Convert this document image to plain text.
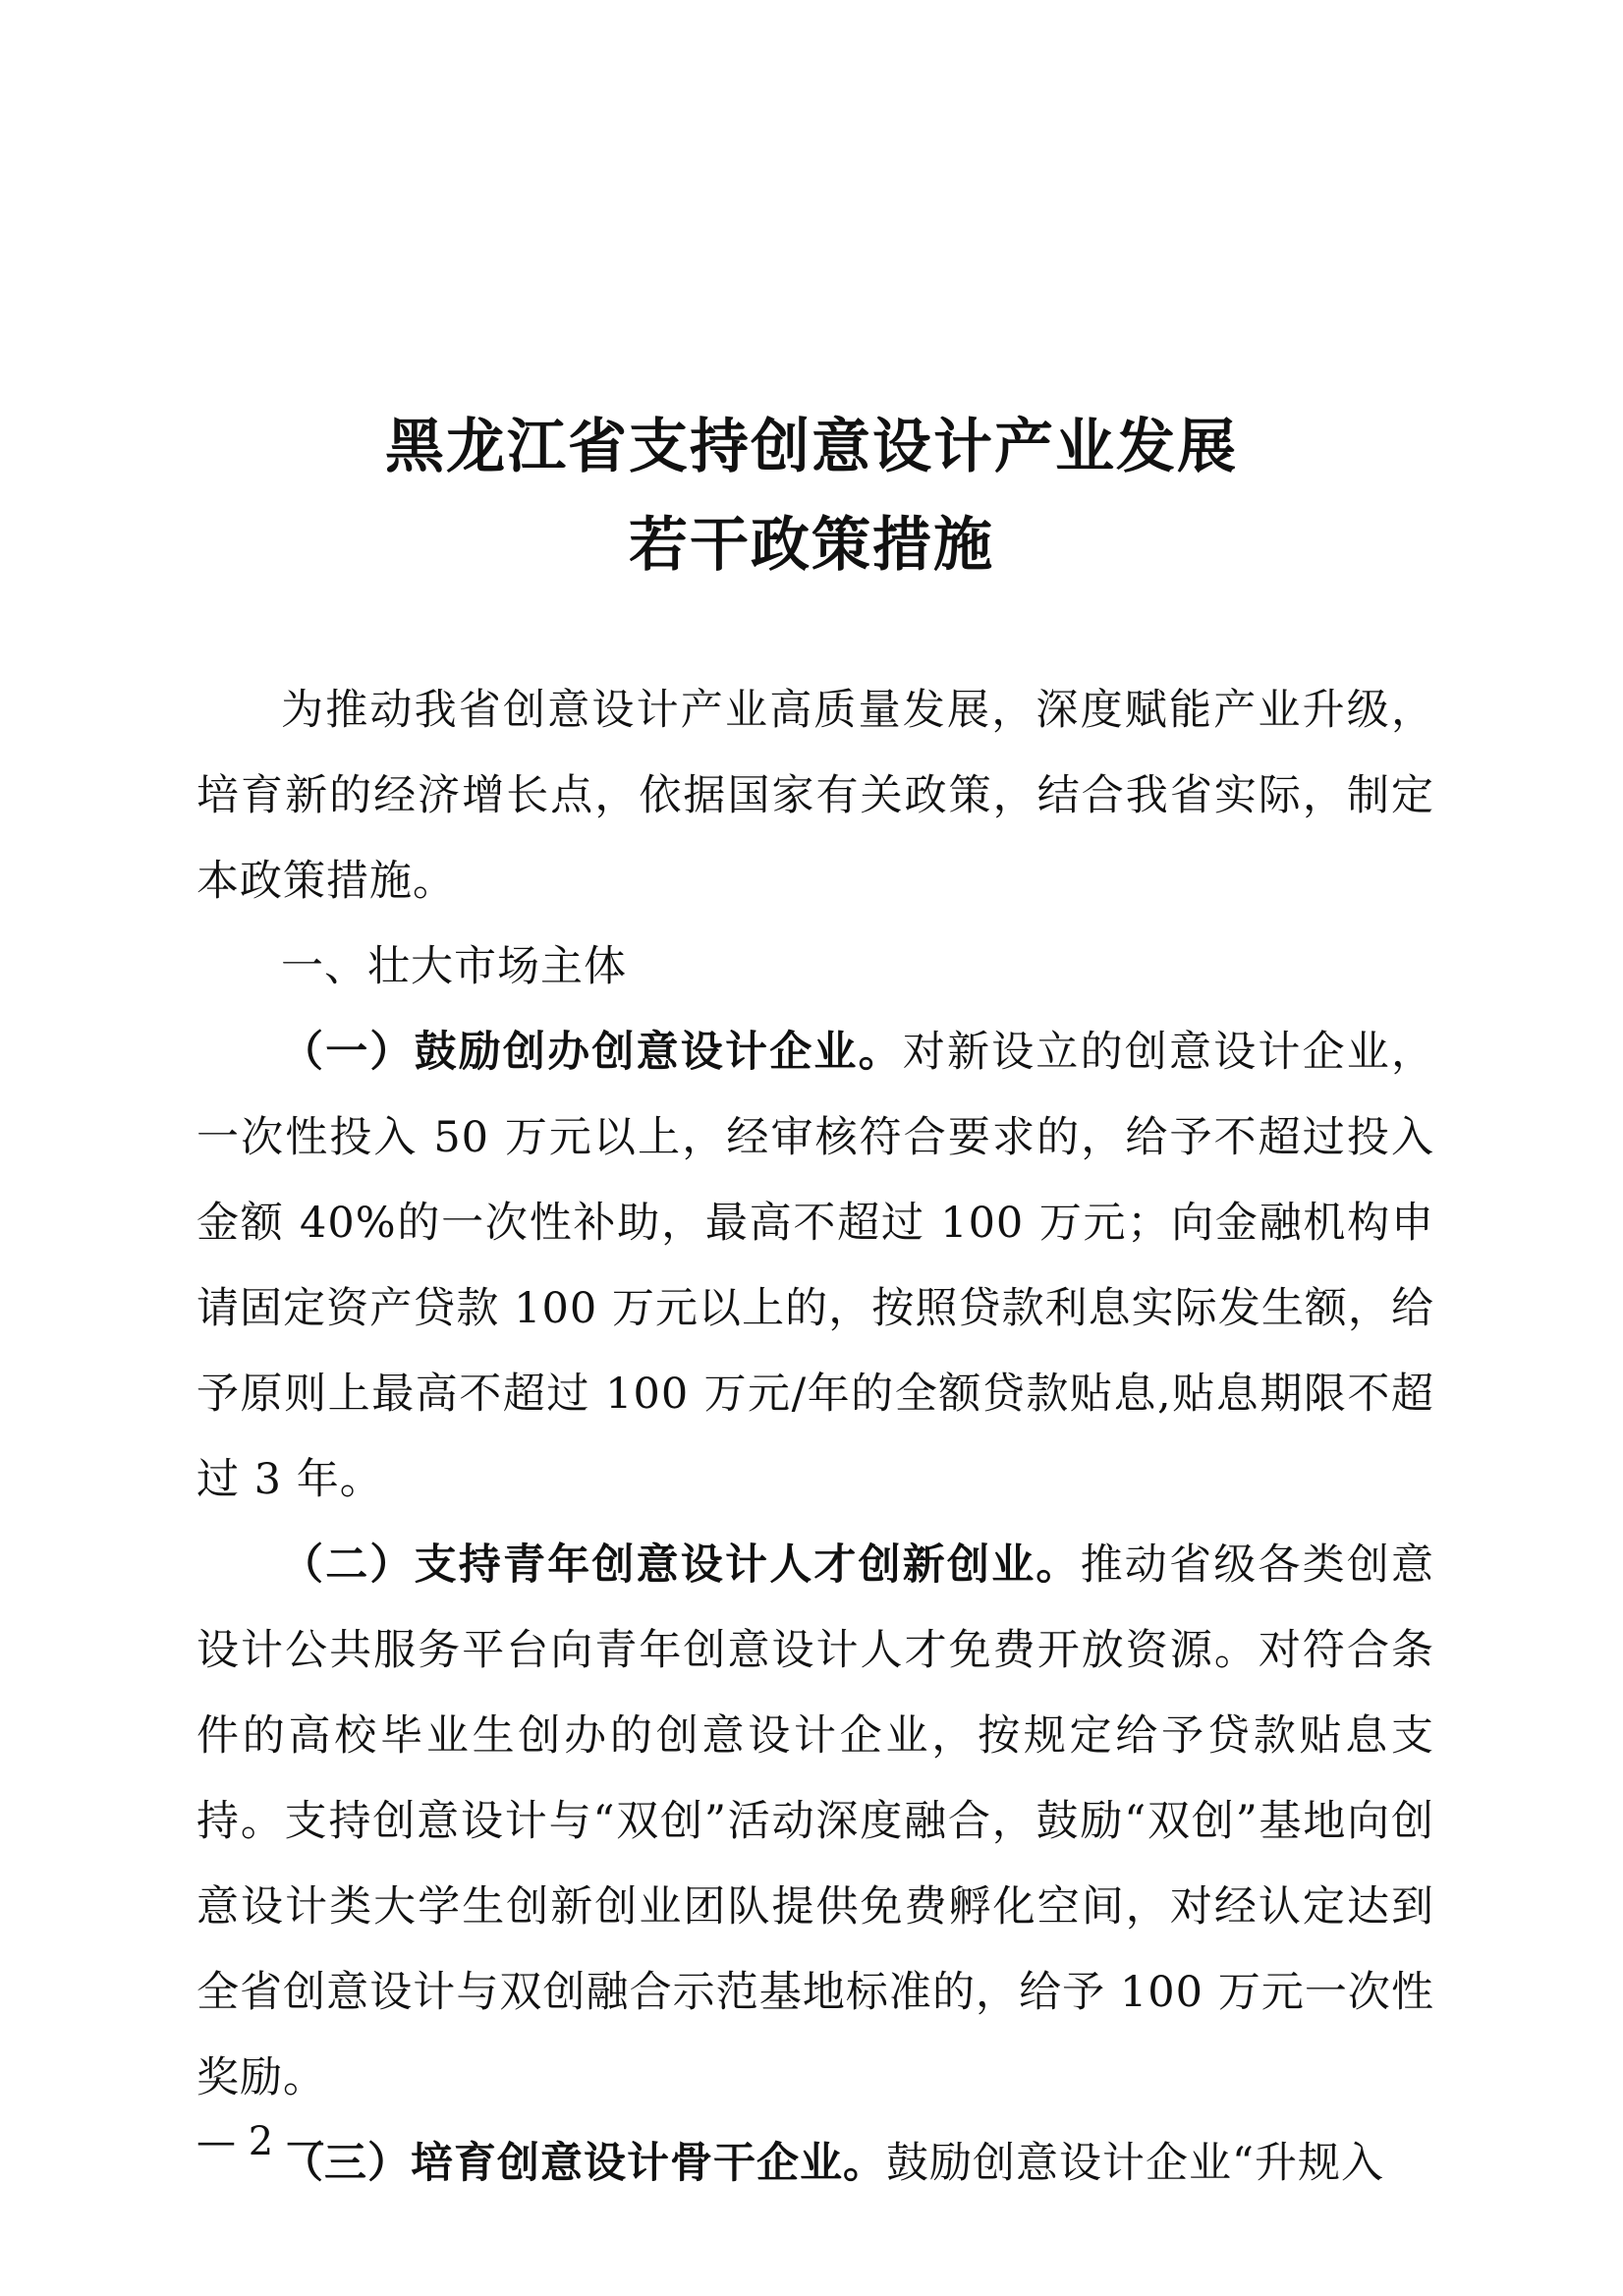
黑龙江省支持创意设计产业发展
若干政策措施

为推动我省创意设计产业高质量发展，深度赋能产业升级，培育新的经济增长点，依据国家有关政策，结合我省实际，制定本政策措施。

一、壮大市场主体

（一）鼓励创办创意设计企业。对新设立的创意设计企业，一次性投入 50 万元以上，经审核符合要求的，给予不超过投入金额 40%的一次性补助，最高不超过 100 万元；向金融机构申请固定资产贷款 100 万元以上的，按照贷款利息实际发生额，给予原则上最高不超过 100 万元/年的全额贷款贴息,贴息期限不超过 3 年。

（二）支持青年创意设计人才创新创业。推动省级各类创意设计公共服务平台向青年创意设计人才免费开放资源。对符合条件的高校毕业生创办的创意设计企业，按规定给予贷款贴息支持。支持创意设计与“双创”活动深度融合，鼓励“双创”基地向创意设计类大学生创新创业团队提供免费孵化空间，对经认定达到全省创意设计与双创融合示范基地标准的，给予 100 万元一次性奖励。

（三）培育创意设计骨干企业。鼓励创意设计企业“升规入

— 2 —
